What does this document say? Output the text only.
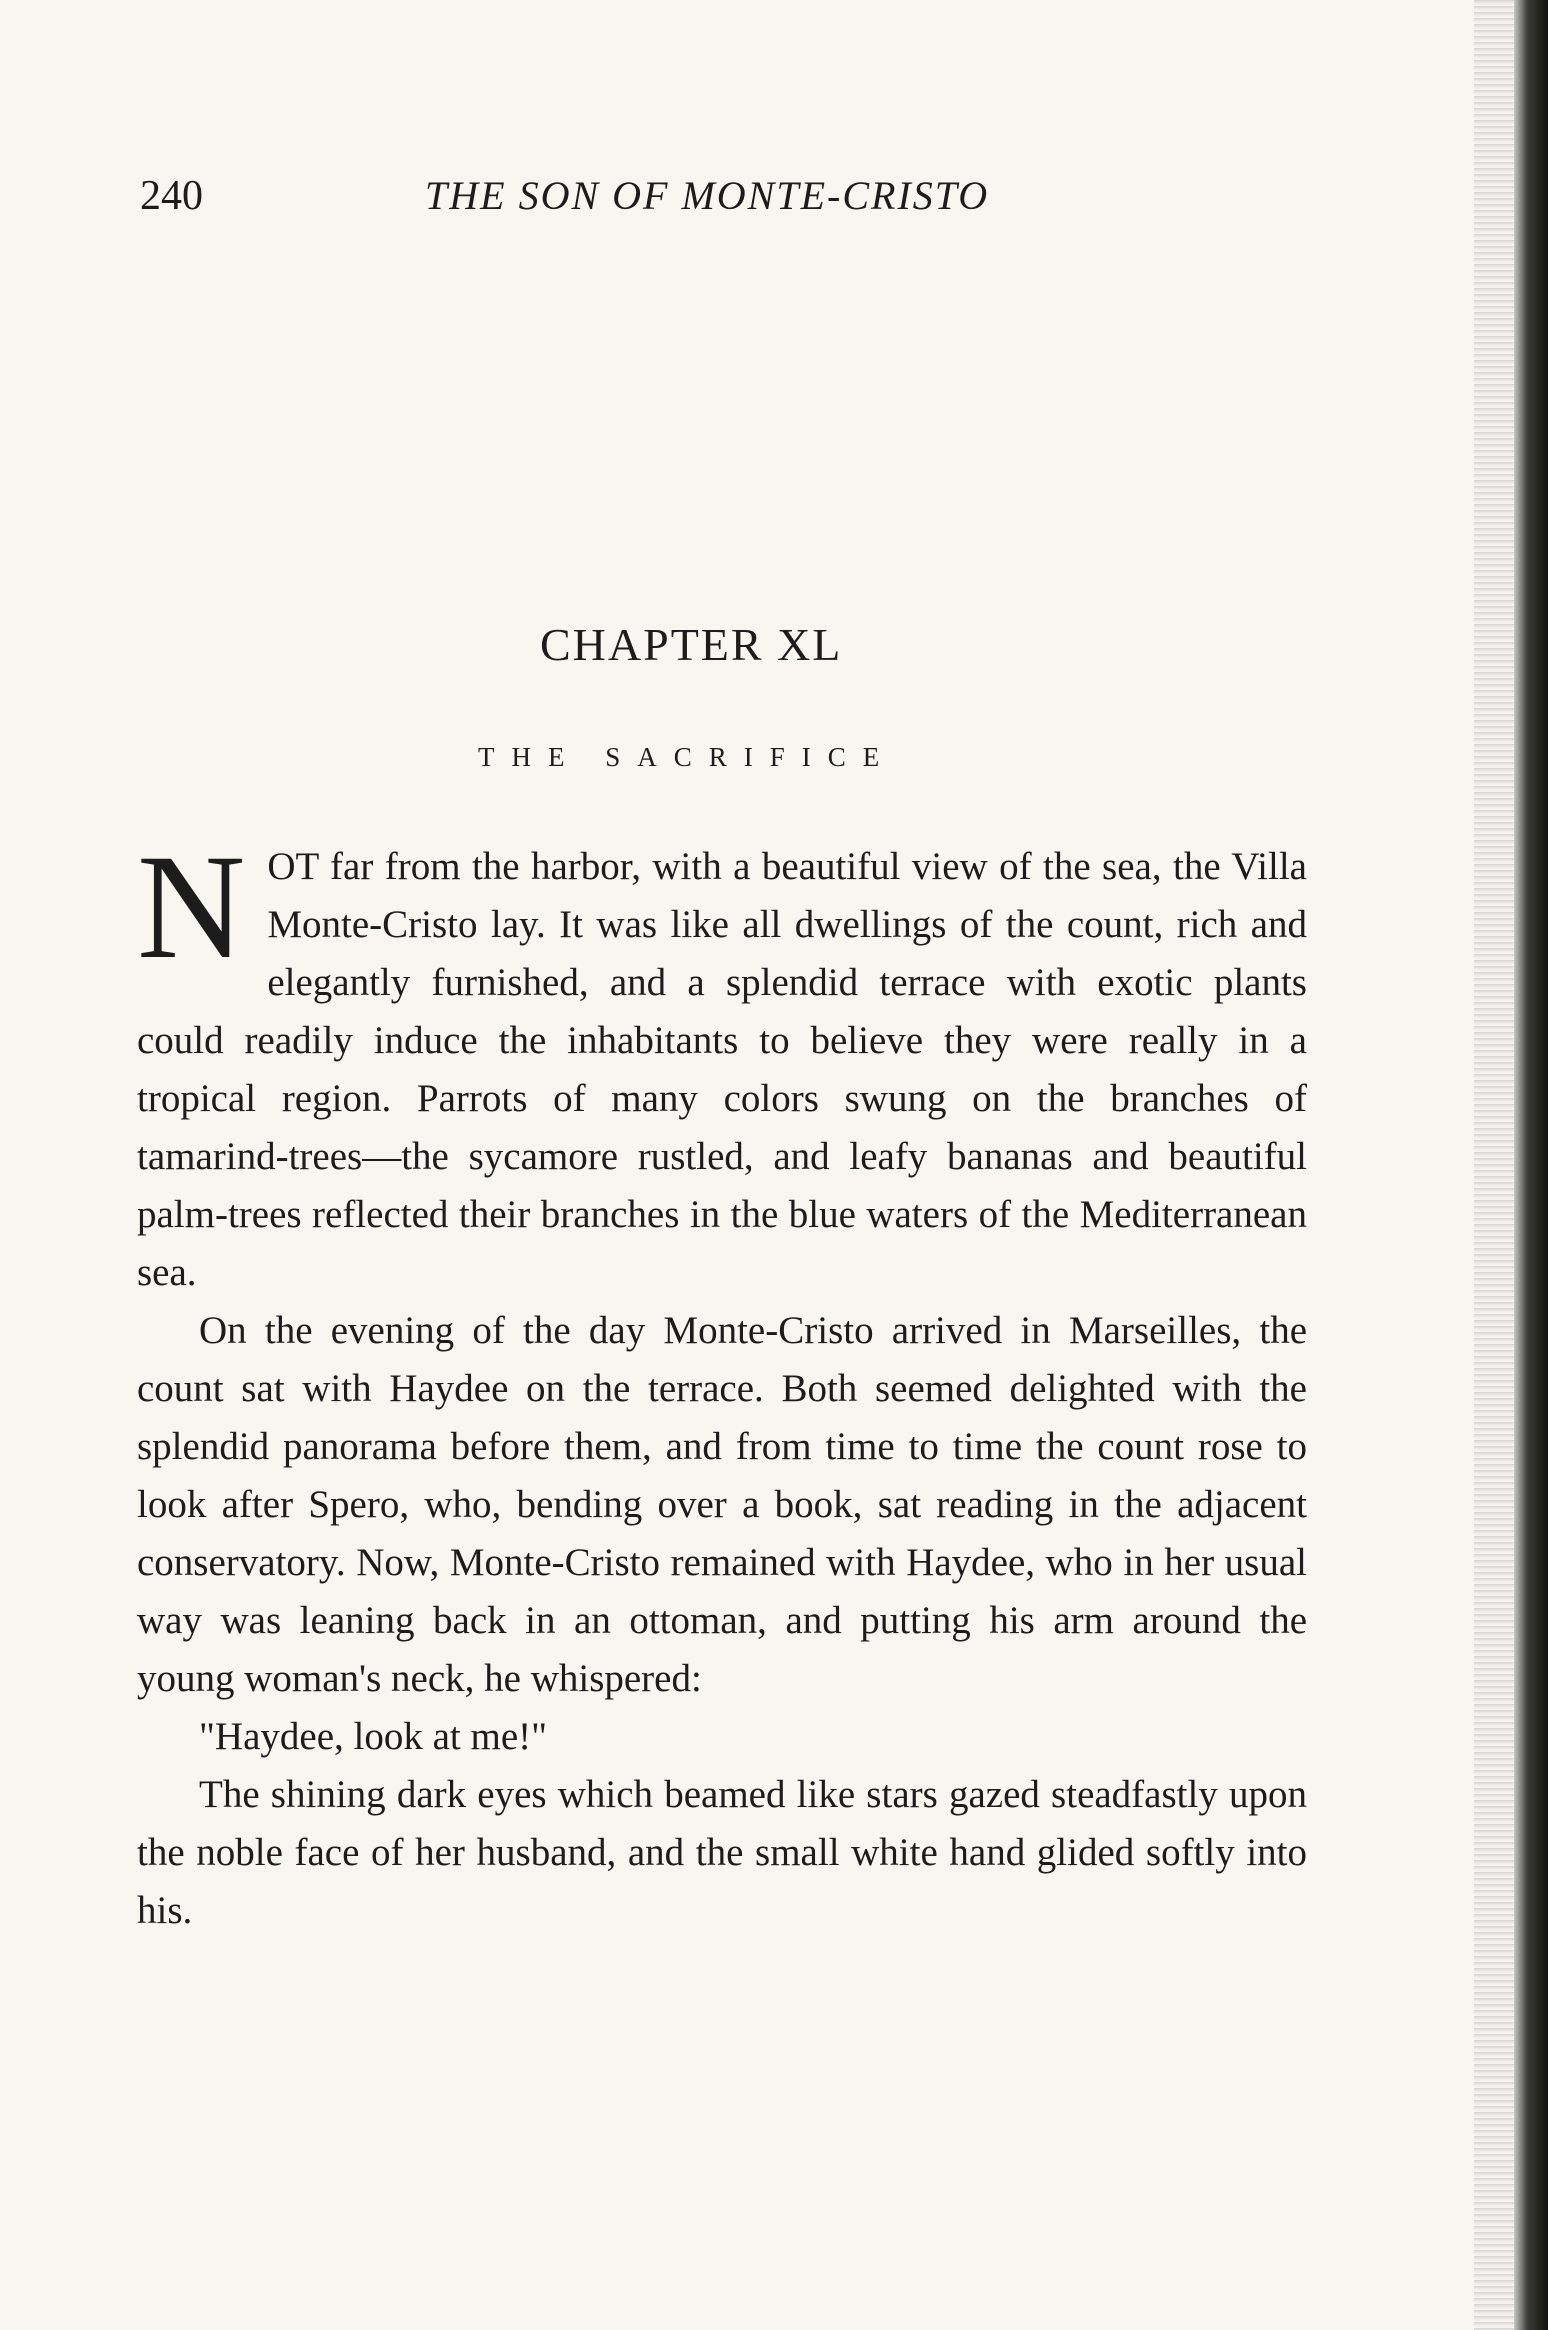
240	THE SON OF MONTE-CRISTO
CHAPTER XL
THE SACRIFICE

N OT far from the harbor, with a beautiful view of the sea, the Villa Monte-Cristo lay. It was like all dwellings of the count, rich and elegantly furnished, and a splendid terrace with exotic plants could readily induce the inhabitants to believe they were really in a tropical region. Parrots of many colors swung on the branches of tamarind-trees—the sycamore rustled, and leafy bananas and beautiful palm-trees reflected their branches in the blue waters of the Mediterranean sea.

On the evening of the day Monte-Cristo arrived in Marseilles, the count sat with Haydee on the terrace. Both seemed delighted with the splendid panorama before them, and from time to time the count rose to look after Spero, who, bending over a book, sat reading in the adjacent conservatory. Now, Monte-Cristo remained with Haydee, who in her usual way was leaning back in an ottoman, and putting his arm around the young woman's neck, he whispered:

"Haydee, look at me!"

The shining dark eyes which beamed like stars gazed steadfastly upon the noble face of her husband, and the small white hand glided softly into his.
